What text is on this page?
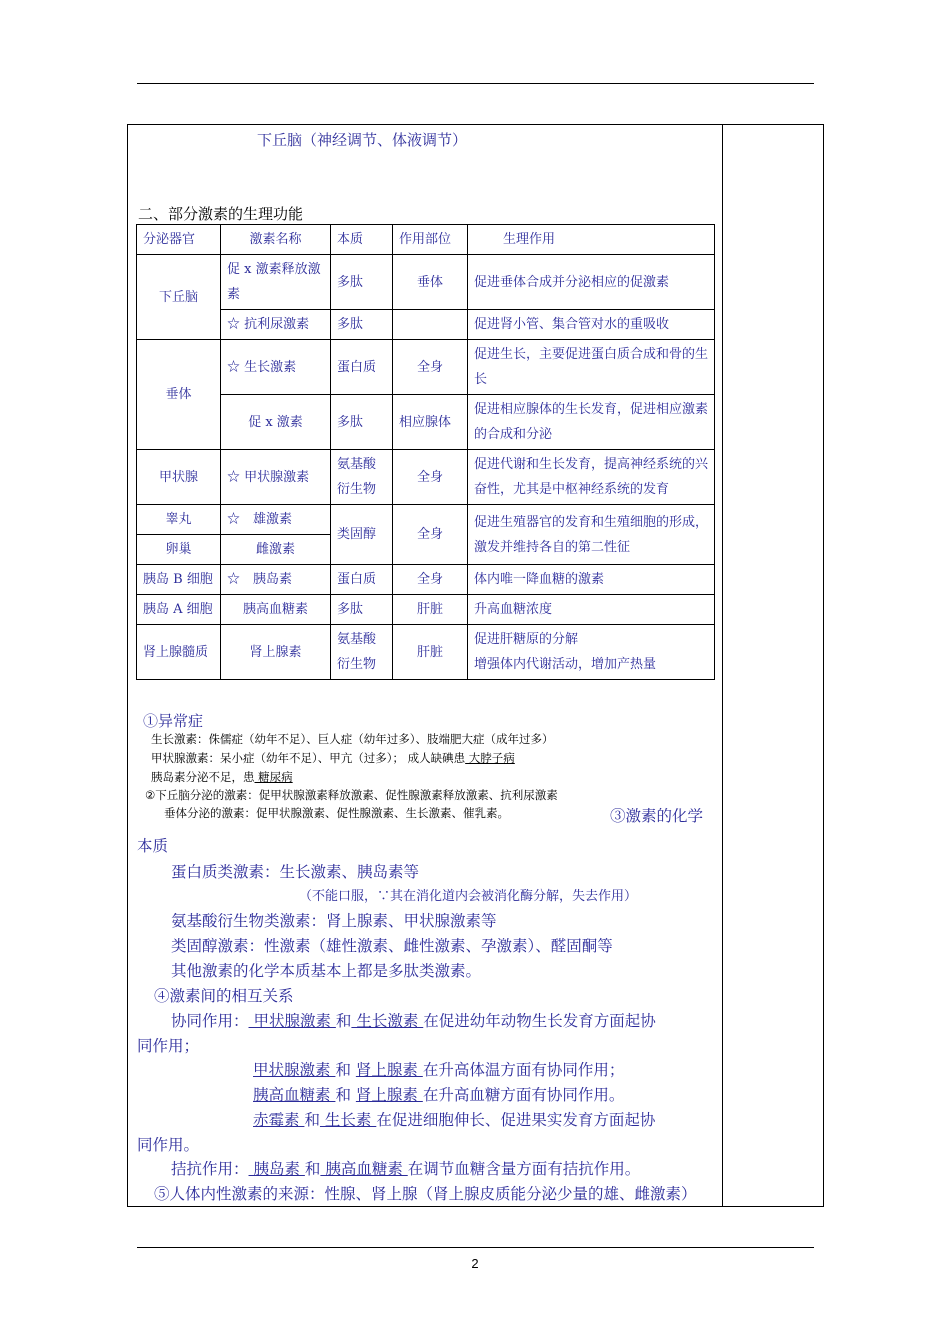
下丘脑（神经调节、体液调节）
二、部分激素的生理功能
分泌器官	激素名称	本质	作用部位	生理作用
下丘脑	促 x 激素释放激素	多肽	垂体	促进垂体合成并分泌相应的促激素
	☆ 抗利尿激素	多肽		促进肾小管、集合管对水的重吸收
垂体	☆ 生长激素	蛋白质	全身	促进生长，主要促进蛋白质合成和骨的生长
	促 x 激素	多肽	相应腺体	促进相应腺体的生长发育，促进相应激素的合成和分泌
甲状腺	☆ 甲状腺激素	氨基酸衍生物	全身	促进代谢和生长发育，提高神经系统的兴奋性，尤其是中枢神经系统的发育
睾丸	☆　雄激素	类固醇	全身	促进生殖器官的发育和生殖细胞的形成，激发并维持各自的第二性征
卵巢	雌激素			
胰岛 B 细胞	☆　胰岛素	蛋白质	全身	体内唯一降血糖的激素
胰岛 A 细胞	胰高血糖素	多肽	肝脏	升高血糖浓度
肾上腺髓质	肾上腺素	氨基酸衍生物	肝脏	促进肝糖原的分解
增强体内代谢活动，增加产热量
①异常症
生长激素：侏儒症（幼年不足）、巨人症（幼年过多）、肢端肥大症（成年过多）
甲状腺激素：呆小症（幼年不足）、甲亢（过多）； 成人缺碘患 大脖子病
胰岛素分泌不足，患 糖尿病
②下丘脑分泌的激素：促甲状腺激素释放激素、促性腺激素释放激素、抗利尿激素
垂体分泌的激素：促甲状腺激素、促性腺激素、生长激素、催乳素。	③激素的化学
本质
蛋白质类激素：生长激素、胰岛素等
（不能口服，∵其在消化道内会被消化酶分解，失去作用）
氨基酸衍生物类激素：肾上腺素、甲状腺激素等
类固醇激素：性激素（雄性激素、雌性激素、孕激素）、醛固酮等
其他激素的化学本质基本上都是多肽类激素。
④激素间的相互关系
协同作用： 甲状腺激素 和 生长激素 在促进幼年动物生长发育方面起协
同作用；
甲状腺激素 和 肾上腺素 在升高体温方面有协同作用；
胰高血糖素 和 肾上腺素 在升高血糖方面有协同作用。
赤霉素 和 生长素 在促进细胞伸长、促进果实发育方面起协
同作用。
拮抗作用： 胰岛素 和 胰高血糖素 在调节血糖含量方面有拮抗作用。
⑤人体内性激素的来源：性腺、肾上腺（肾上腺皮质能分泌少量的雄、雌激素）
2
